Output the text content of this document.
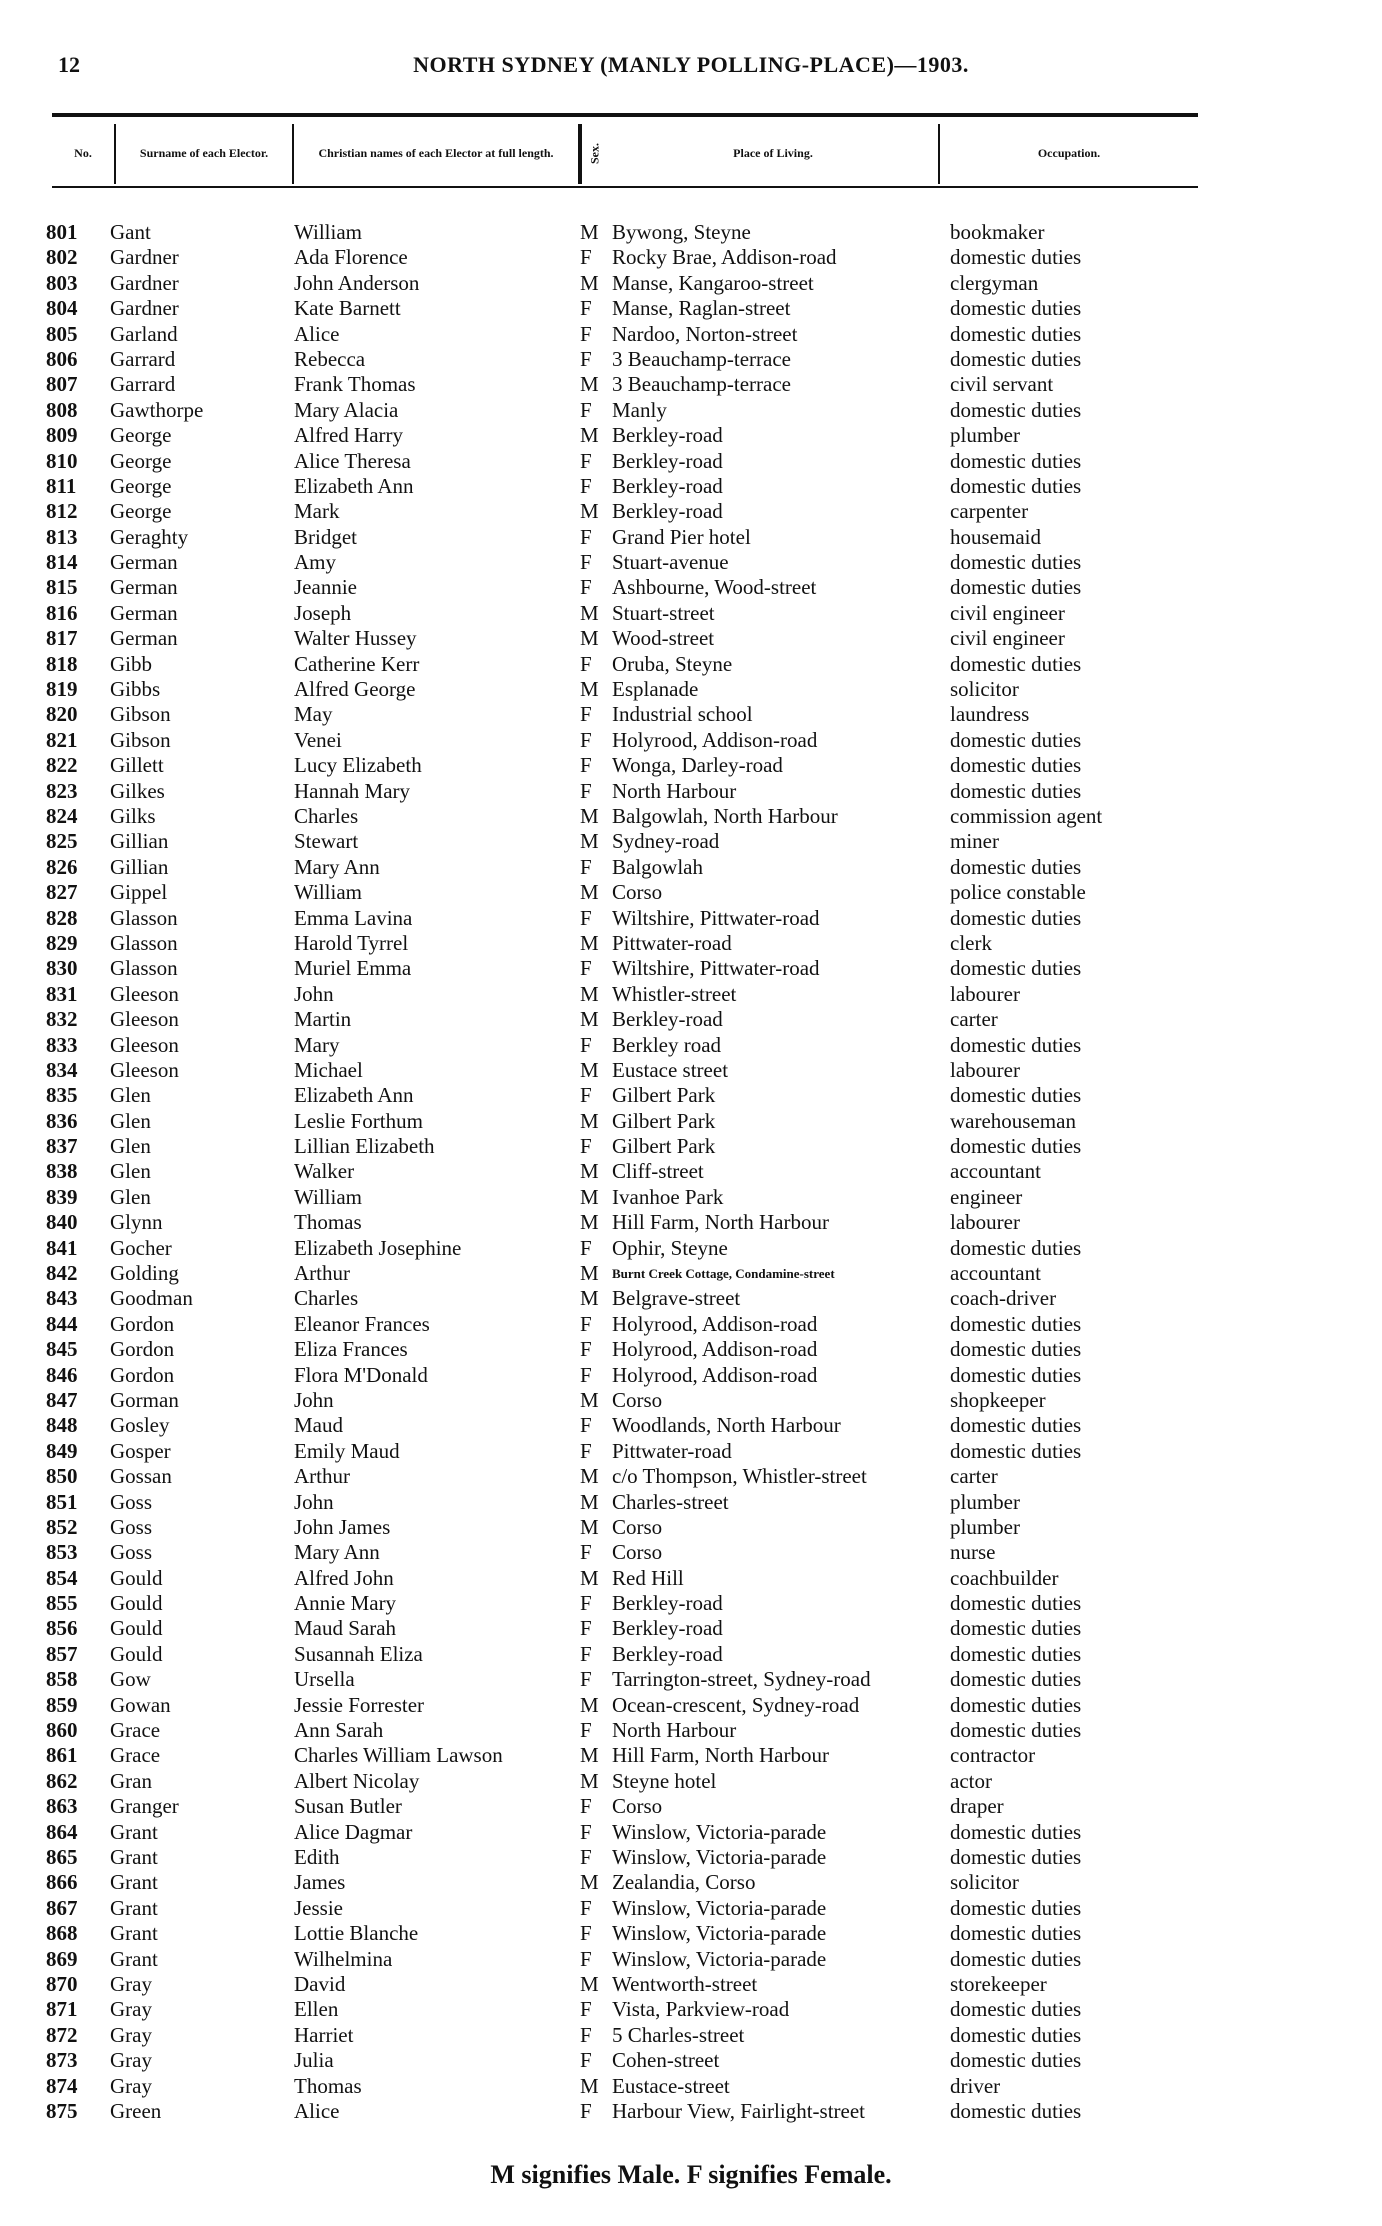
12	NORTH SYDNEY (MANLY POLLING-PLACE)—1903.
No.	Surname of each Elector.	Christian names of each Elector at full length.	Sex.	Place of Living.	Occupation.
801	Gant	William	M Bywong, Steyne	bookmaker
802	Gardner	Ada Florence	F Rocky Brae, Addison-road	domestic duties
803	Gardner	John Anderson	M Manse, Kangaroo-street	clergyman
804	Gardner	Kate Barnett	F Manse, Raglan-street	domestic duties
805	Garland	Alice	F Nardoo, Norton-street	domestic duties
806	Garrard	Rebecca	F 3 Beauchamp-terrace	domestic duties
807	Garrard	Frank Thomas	M 3 Beauchamp-terrace	civil servant
808	Gawthorpe	Mary Alacia	F Manly	domestic duties
809	George	Alfred Harry	M Berkley-road	plumber
810	George	Alice Theresa	F Berkley-road	domestic duties
811	George	Elizabeth Ann	F Berkley-road	domestic duties
812	George	Mark	M Berkley-road	carpenter
813	Geraghty	Bridget	F Grand Pier hotel	housemaid
814	German	Amy	F Stuart-avenue	domestic duties
815	German	Jeannie	F Ashbourne, Wood-street	domestic duties
816	German	Joseph	M Stuart-street	civil engineer
817	German	Walter Hussey	M Wood-street	civil engineer
818	Gibb	Catherine Kerr	F Oruba, Steyne	domestic duties
819	Gibbs	Alfred George	M Esplanade	solicitor
820	Gibson	May	F Industrial school	laundress
821	Gibson	Venei	F Holyrood, Addison-road	domestic duties
822	Gillett	Lucy Elizabeth	F Wonga, Darley-road	domestic duties
823	Gilkes	Hannah Mary	F North Harbour	domestic duties
824	Gilks	Charles	M Balgowlah, North Harbour	commission agent
825	Gillian	Stewart	M Sydney-road	miner
826	Gillian	Mary Ann	F Balgowlah	domestic duties
827	Gippel	William	M Corso	police constable
828	Glasson	Emma Lavina	F Wiltshire, Pittwater-road	domestic duties
829	Glasson	Harold Tyrrel	M Pittwater-road	clerk
830	Glasson	Muriel Emma	F Wiltshire, Pittwater-road	domestic duties
831	Gleeson	John	M Whistler-street	labourer
832	Gleeson	Martin	M Berkley-road	carter
833	Gleeson	Mary	F Berkley road	domestic duties
834	Gleeson	Michael	M Eustace street	labourer
835	Glen	Elizabeth Ann	F Gilbert Park	domestic duties
836	Glen	Leslie Forthum	M Gilbert Park	warehouseman
837	Glen	Lillian Elizabeth	F Gilbert Park	domestic duties
838	Glen	Walker	M Cliff-street	accountant
839	Glen	William	M Ivanhoe Park	engineer
840	Glynn	Thomas	M Hill Farm, North Harbour	labourer
841	Gocher	Elizabeth Josephine	F Ophir, Steyne	domestic duties
842	Golding	Arthur	M Burnt Creek Cottage, Condamine-street	accountant
843	Goodman	Charles	M Belgrave-street	coach-driver
844	Gordon	Eleanor Frances	F Holyrood, Addison-road	domestic duties
845	Gordon	Eliza Frances	F Holyrood, Addison-road	domestic duties
846	Gordon	Flora M'Donald	F Holyrood, Addison-road	domestic duties
847	Gorman	John	M Corso	shopkeeper
848	Gosley	Maud	F Woodlands, North Harbour	domestic duties
849	Gosper	Emily Maud	F Pittwater-road	domestic duties
850	Gossan	Arthur	M c/o Thompson, Whistler-street	carter
851	Goss	John	M Charles-street	plumber
852	Goss	John James	M Corso	plumber
853	Goss	Mary Ann	F Corso	nurse
854	Gould	Alfred John	M Red Hill	coachbuilder
855	Gould	Annie Mary	F Berkley-road	domestic duties
856	Gould	Maud Sarah	F Berkley-road	domestic duties
857	Gould	Susannah Eliza	F Berkley-road	domestic duties
858	Gow	Ursella	F Tarrington-street, Sydney-road	domestic duties
859	Gowan	Jessie Forrester	M Ocean-crescent, Sydney-road	domestic duties
860	Grace	Ann Sarah	F North Harbour	domestic duties
861	Grace	Charles William Lawson	M Hill Farm, North Harbour	contractor
862	Gran	Albert Nicolay	M Steyne hotel	actor
863	Granger	Susan Butler	F Corso	draper
864	Grant	Alice Dagmar	F Winslow, Victoria-parade	domestic duties
865	Grant	Edith	F Winslow, Victoria-parade	domestic duties
866	Grant	James	M Zealandia, Corso	solicitor
867	Grant	Jessie	F Winslow, Victoria-parade	domestic duties
868	Grant	Lottie Blanche	F Winslow, Victoria-parade	domestic duties
869	Grant	Wilhelmina	F Winslow, Victoria-parade	domestic duties
870	Gray	David	M Wentworth-street	storekeeper
871	Gray	Ellen	F Vista, Parkview-road	domestic duties
872	Gray	Harriet	F 5 Charles-street	domestic duties
873	Gray	Julia	F Cohen-street	domestic duties
874	Gray	Thomas	M Eustace-street	driver
875	Green	Alice	F Harbour View, Fairlight-street	domestic duties
M signifies Male. F signifies Female.
